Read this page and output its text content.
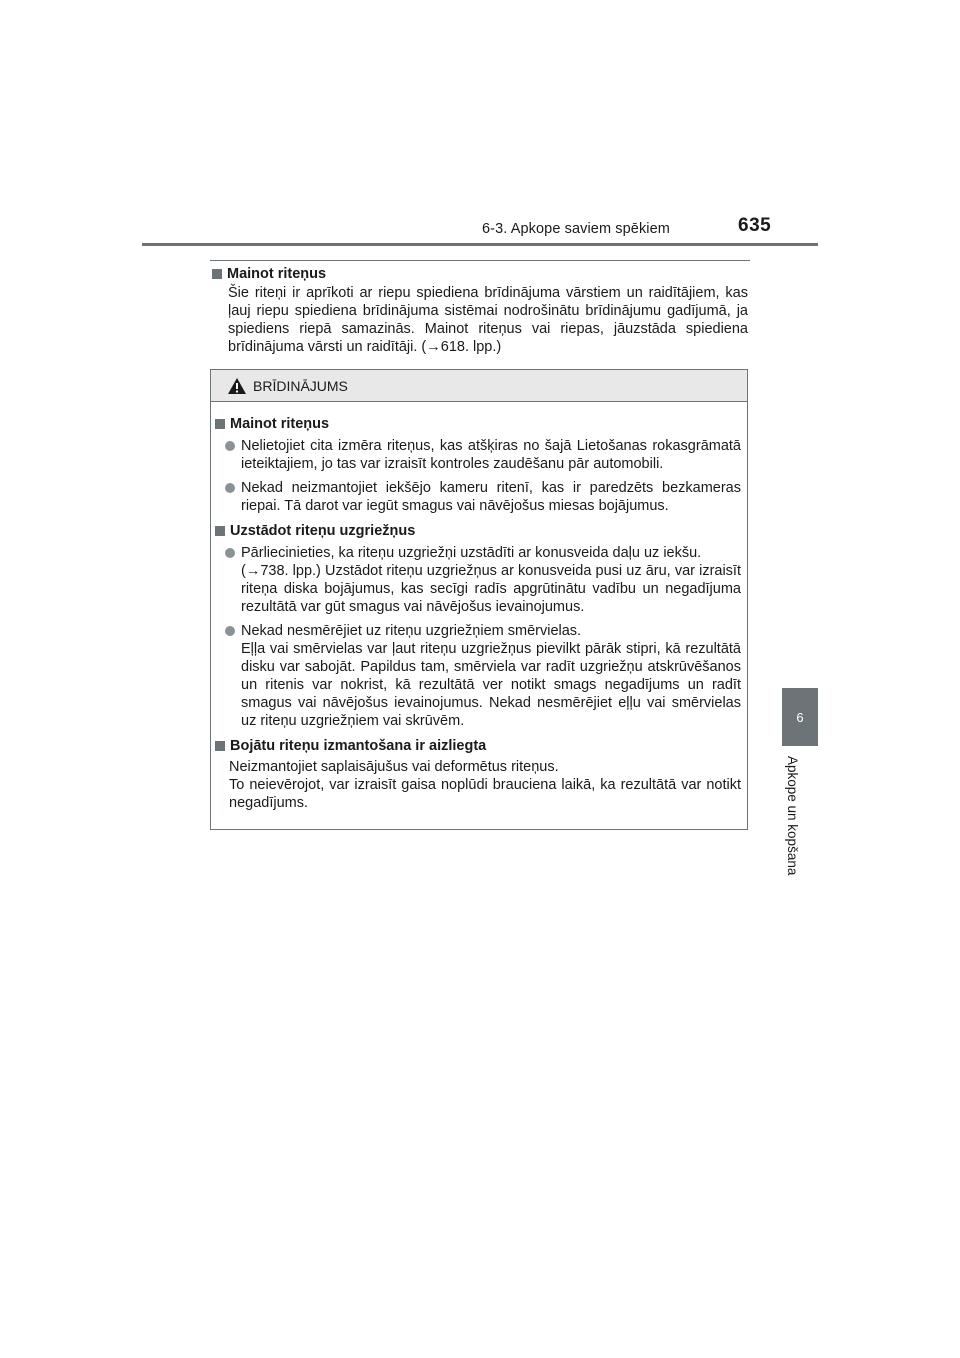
6-3. Apkope saviem spēkiem	635
6
Apkope un kopšana

Mainot riteņus

Šie riteņi ir aprīkoti ar riepu spiediena brīdinājuma vārstiem un raidītājiem, kas ļauj riepu spiediena brīdinājuma sistēmai nodrošinātu brīdinājumu gadījumā, ja spiediens riepā samazinās. Mainot riteņus vai riepas, jāuzstāda spiediena brīdinājuma vārsti un raidītāji. (→618. lpp.)

BRĪDINĀJUMS

Mainot riteņus

Nelietojiet cita izmēra riteņus, kas atšķiras no šajā Lietošanas rokasgrāmatā ieteiktajiem, jo tas var izraisīt kontroles zaudēšanu pār automobili.
Nekad neizmantojiet iekšējo kameru ritenī, kas ir paredzēts bezkameras riepai. Tā darot var iegūt smagus vai nāvējošus miesas bojājumus.

Uzstādot riteņu uzgriežņus

Pārliecinieties, ka riteņu uzgriežņi uzstādīti ar konusveida daļu uz iekšu.
(→738. lpp.) Uzstādot riteņu uzgriežņus ar konusveida pusi uz āru, var izraisīt riteņa diska bojājumus, kas secīgi radīs apgrūtinātu vadību un negadījuma rezultātā var gūt smagus vai nāvējošus ievainojumus.
Nekad nesmērējiet uz riteņu uzgriežņiem smērvielas.
Eļļa vai smērvielas var ļaut riteņu uzgriežņus pievilkt pārāk stipri, kā rezultātā disku var sabojāt. Papildus tam, smērviela var radīt uzgriežņu atskrūvēšanos un ritenis var nokrist, kā rezultātā ver notikt smags negadījums un radīt smagus vai nāvējošus ievainojumus. Nekad nesmērējiet eļļu vai smērvielas uz riteņu uzgriežņiem vai skrūvēm.

Bojātu riteņu izmantošana ir aizliegta

Neizmantojiet saplaisājušus vai deformētus riteņus.
To neievērojot, var izraisīt gaisa noplūdi brauciena laikā, ka rezultātā var notikt negadījums.
